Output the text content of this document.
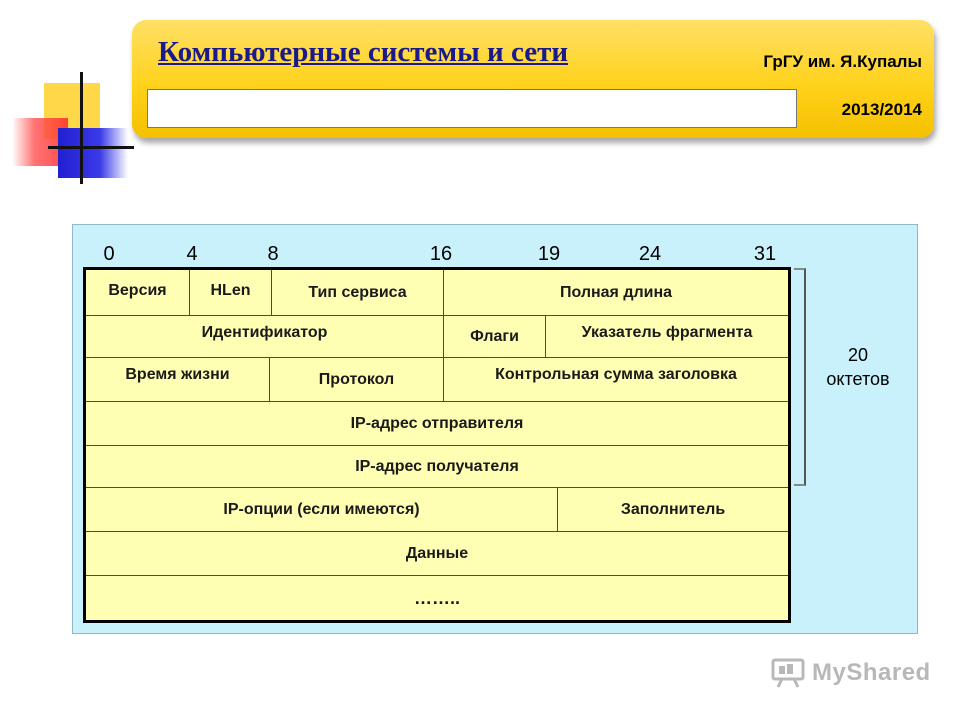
Компьютерные системы и сети	ГрГУ им. Я.Купалы
2013/2014
0	4	8	16	19	24	31
Версия	HLen	Тип сервиса	Полная длина
Идентификатор	Флаги	Указатель фрагмента
Время жизни	Протокол	Контрольная сумма заголовка
IP-адрес отправителя
IP-адрес получателя
IP-опции (если имеются)	Заполнитель
Данные
……..
20
октетов
MyShared
